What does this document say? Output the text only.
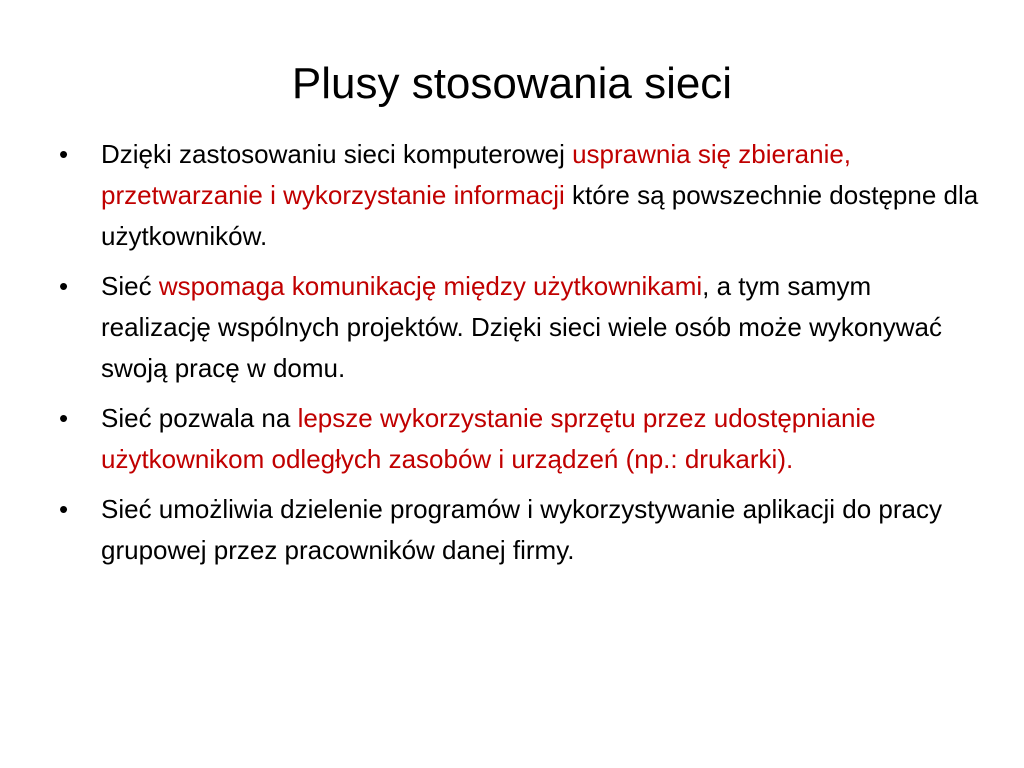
Plusy stosowania sieci
•	Dzięki zastosowaniu sieci komputerowej usprawnia się zbieranie, przetwarzanie i wykorzystanie informacji które są powszechnie dostępne dla użytkowników.
•	Sieć wspomaga komunikację między użytkownikami, a tym samym realizację wspólnych projektów. Dzięki sieci wiele osób może wykonywać swoją pracę w domu.
•	Sieć pozwala na lepsze wykorzystanie sprzętu przez udostępnianie użytkownikom odległych zasobów i urządzeń (np.: drukarki).
•	Sieć umożliwia dzielenie programów i wykorzystywanie aplikacji do pracy grupowej przez pracowników danej firmy.
